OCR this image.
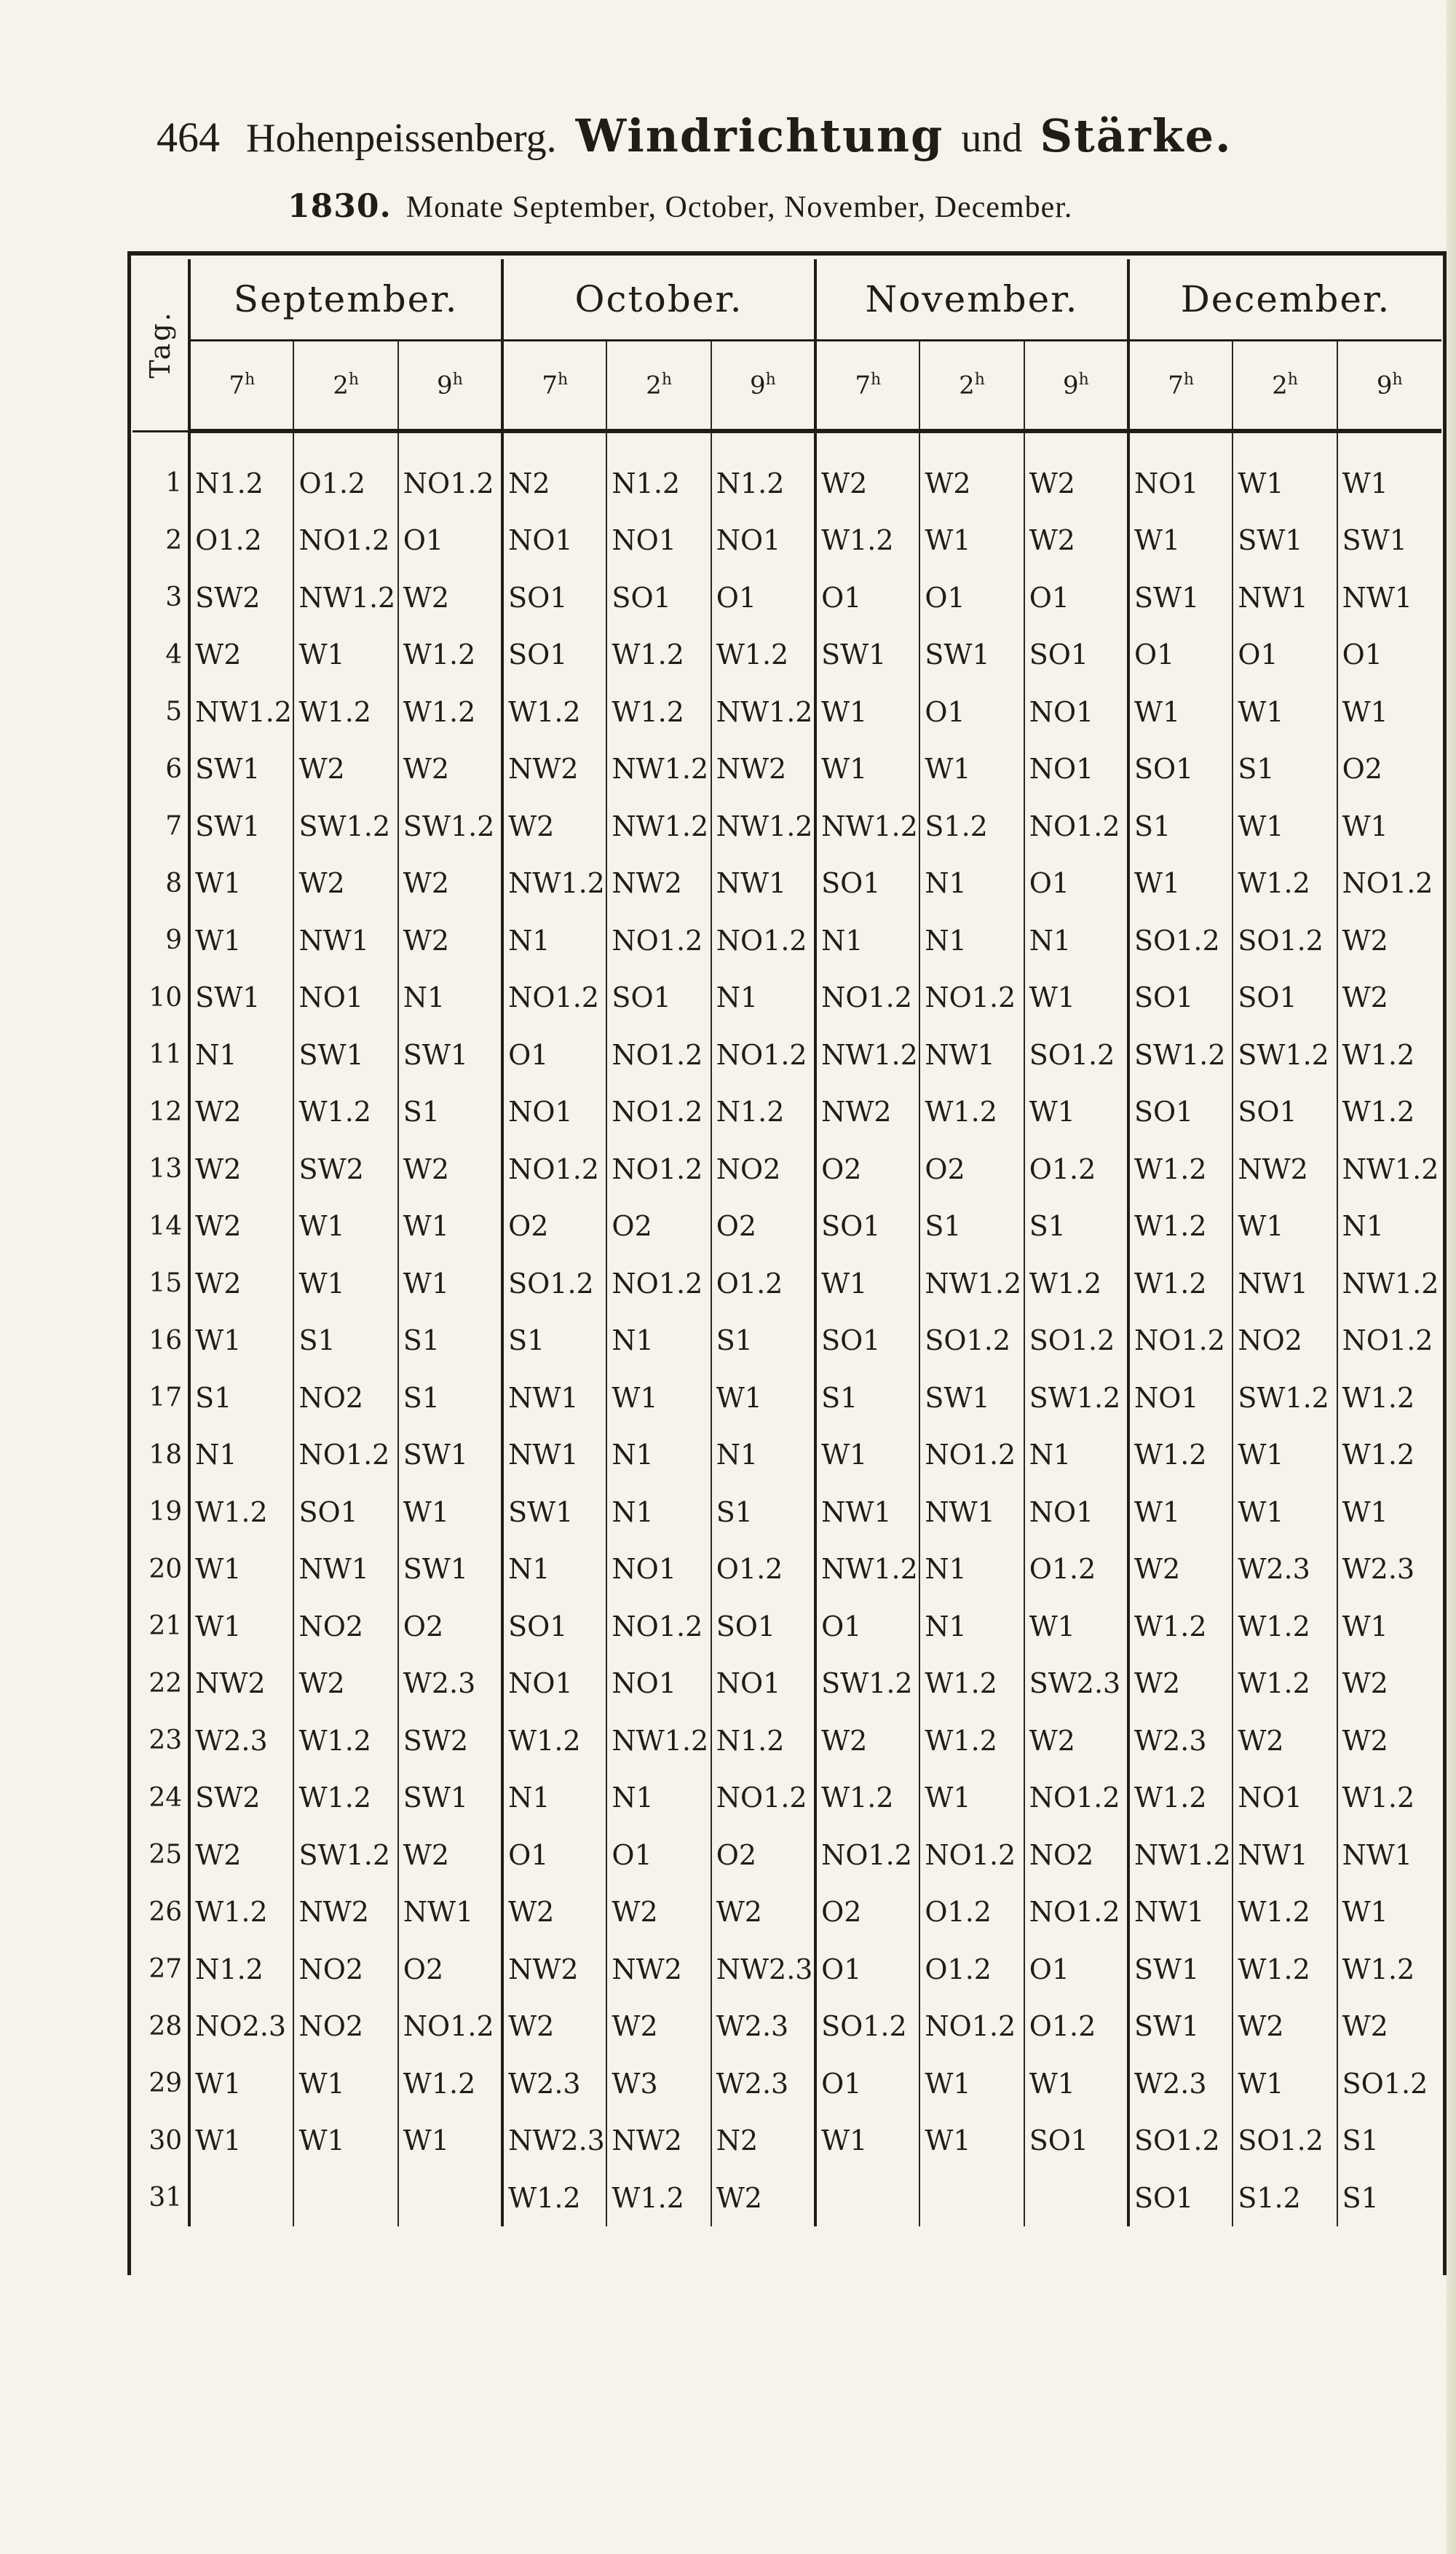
464 Hohenpeissenberg. Windrichtung und Stärke.
1830. Monate September, October, November, December.
Tag.	September.			October.			November.			December.		
	7$^h$	2$^h$	9$^h$	7$^h$	2$^h$	9$^h$	7$^h$	2$^h$	9$^h$	7$^h$	2$^h$	9$^h$
1	N1.2	O1.2	NO1.2	N2	N1.2	N1.2	W2	W2	W2	NO1	W1	W1
2	O1.2	NO1.2	O1	NO1	NO1	NO1	W1.2	W1	W2	W1	SW1	SW1
3	SW2	NW1.2	W2	SO1	SO1	O1	O1	O1	O1	SW1	NW1	NW1
4	W2	W1	W1.2	SO1	W1.2	W1.2	SW1	SW1	SO1	O1	O1	O1
5	NW1.2	W1.2	W1.2	W1.2	W1.2	NW1.2	W1	O1	NO1	W1	W1	W1
6	SW1	W2	W2	NW2	NW1.2	NW2	W1	W1	NO1	SO1	S1	O2
7	SW1	SW1.2	SW1.2	W2	NW1.2	NW1.2	NW1.2	S1.2	NO1.2	S1	W1	W1
8	W1	W2	W2	NW1.2	NW2	NW1	SO1	N1	O1	W1	W1.2	NO1.2
9	W1	NW1	W2	N1	NO1.2	NO1.2	N1	N1	N1	SO1.2	SO1.2	W2
10	SW1	NO1	N1	NO1.2	SO1	N1	NO1.2	NO1.2	W1	SO1	SO1	W2
11	N1	SW1	SW1	O1	NO1.2	NO1.2	NW1.2	NW1	SO1.2	SW1.2	SW1.2	W1.2
12	W2	W1.2	S1	NO1	NO1.2	N1.2	NW2	W1.2	W1	SO1	SO1	W1.2
13	W2	SW2	W2	NO1.2	NO1.2	NO2	O2	O2	O1.2	W1.2	NW2	NW1.2
14	W2	W1	W1	O2	O2	O2	SO1	S1	S1	W1.2	W1	N1
15	W2	W1	W1	SO1.2	NO1.2	O1.2	W1	NW1.2	W1.2	W1.2	NW1	NW1.2
16	W1	S1	S1	S1	N1	S1	SO1	SO1.2	SO1.2	NO1.2	NO2	NO1.2
17	S1	NO2	S1	NW1	W1	W1	S1	SW1	SW1.2	NO1	SW1.2	W1.2
18	N1	NO1.2	SW1	NW1	N1	N1	W1	NO1.2	N1	W1.2	W1	W1.2
19	W1.2	SO1	W1	SW1	N1	S1	NW1	NW1	NO1	W1	W1	W1
20	W1	NW1	SW1	N1	NO1	O1.2	NW1.2	N1	O1.2	W2	W2.3	W2.3
21	W1	NO2	O2	SO1	NO1.2	SO1	O1	N1	W1	W1.2	W1.2	W1
22	NW2	W2	W2.3	NO1	NO1	NO1	SW1.2	W1.2	SW2.3	W2	W1.2	W2
23	W2.3	W1.2	SW2	W1.2	NW1.2	N1.2	W2	W1.2	W2	W2.3	W2	W2
24	SW2	W1.2	SW1	N1	N1	NO1.2	W1.2	W1	NO1.2	W1.2	NO1	W1.2
25	W2	SW1.2	W2	O1	O1	O2	NO1.2	NO1.2	NO2	NW1.2	NW1	NW1
26	W1.2	NW2	NW1	W2	W2	W2	O2	O1.2	NO1.2	NW1	W1.2	W1
27	N1.2	NO2	O2	NW2	NW2	NW2.3	O1	O1.2	O1	SW1	W1.2	W1.2
28	NO2.3	NO2	NO1.2	W2	W2	W2.3	SO1.2	NO1.2	O1.2	SW1	W2	W2
29	W1	W1	W1.2	W2.3	W3	W2.3	O1	W1	W1	W2.3	W1	SO1.2
30	W1	W1	W1	NW2.3	NW2	N2	W1	W1	SO1	SO1.2	SO1.2	S1
31				W1.2	W1.2	W2				SO1	S1.2	S1
